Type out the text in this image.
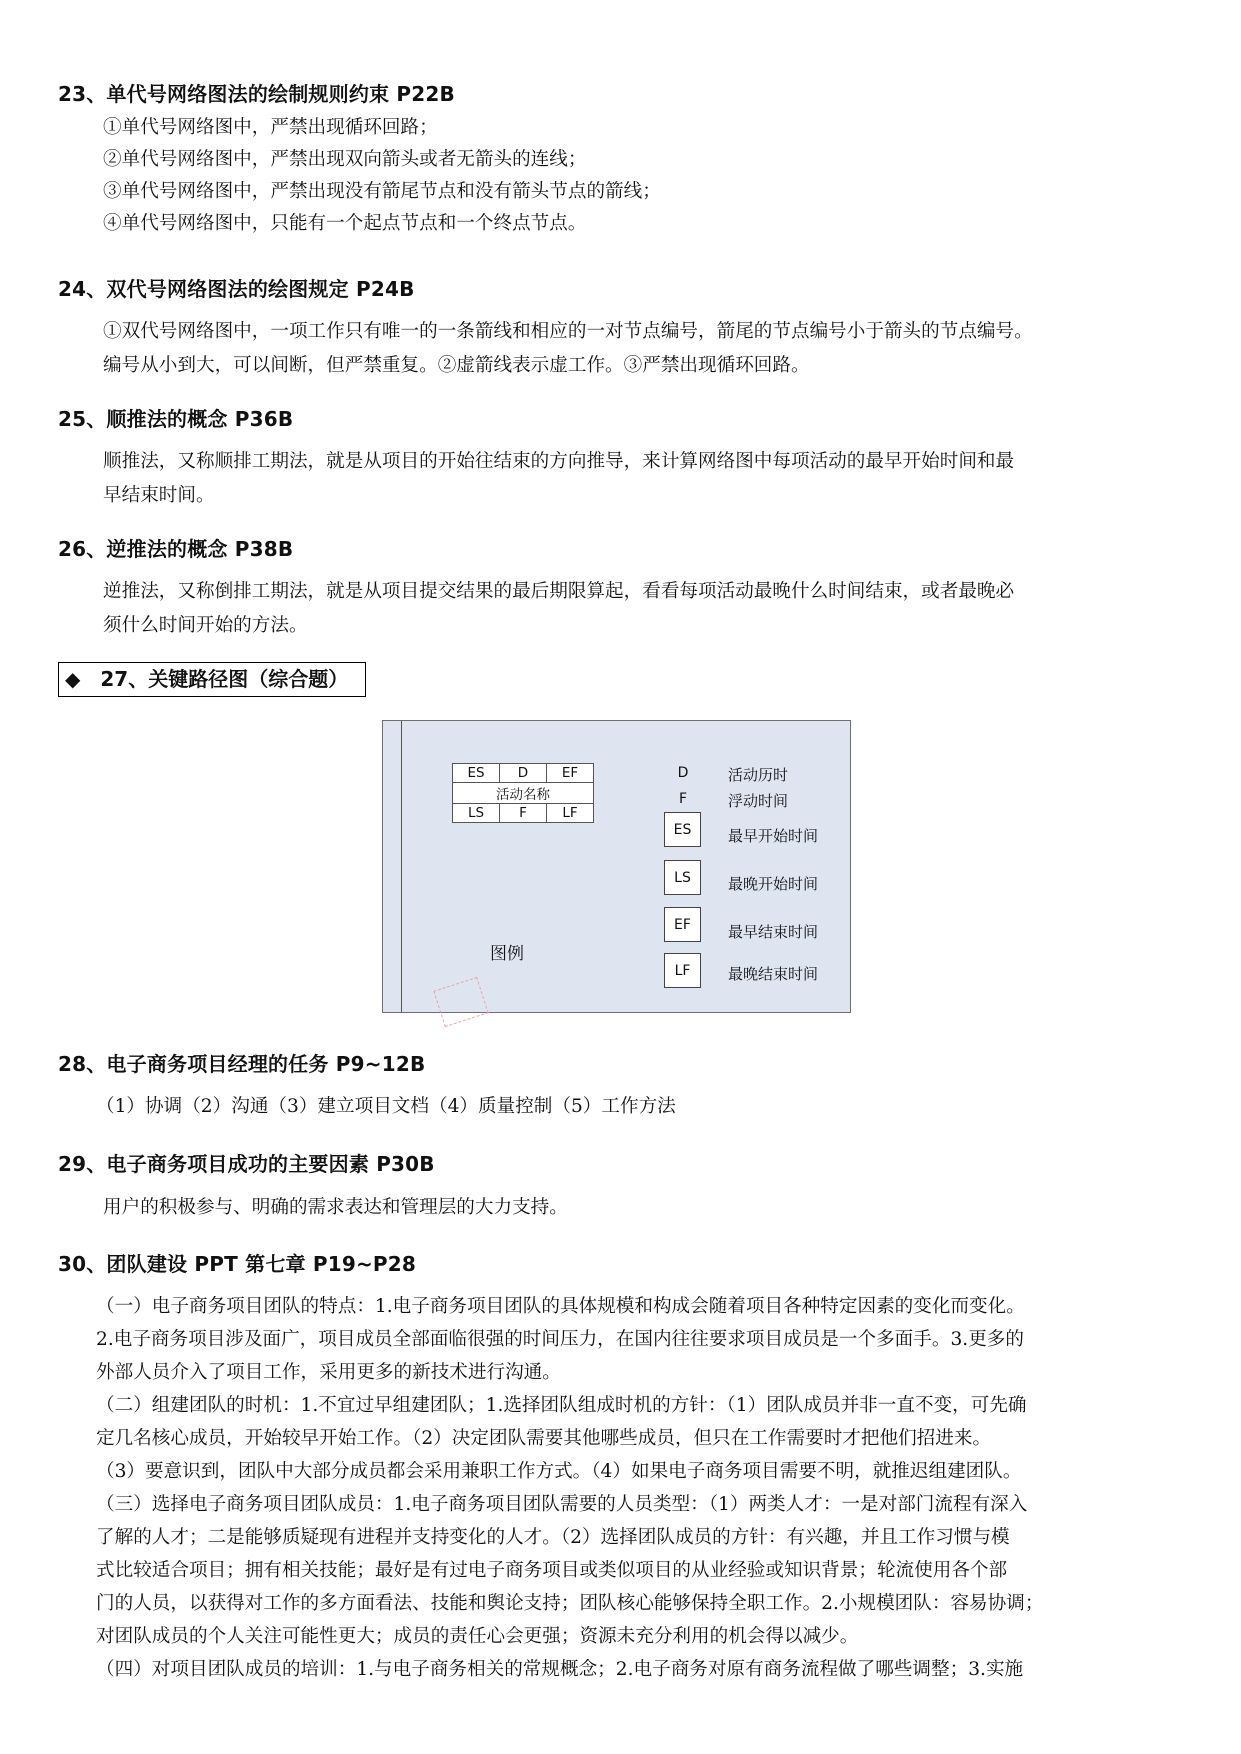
23、单代号网络图法的绘制规则约束 P22B
①单代号网络图中，严禁出现循环回路；
②单代号网络图中，严禁出现双向箭头或者无箭头的连线；
③单代号网络图中，严禁出现没有箭尾节点和没有箭头节点的箭线；
④单代号网络图中，只能有一个起点节点和一个终点节点。
24、双代号网络图法的绘图规定 P24B
①双代号网络图中，一项工作只有唯一的一条箭线和相应的一对节点编号，箭尾的节点编号小于箭头的节点编号。
编号从小到大，可以间断，但严禁重复。②虚箭线表示虚工作。③严禁出现循环回路。
25、顺推法的概念 P36B
顺推法，又称顺排工期法，就是从项目的开始往结束的方向推导，来计算网络图中每项活动的最早开始时间和最
早结束时间。
26、逆推法的概念 P38B
逆推法，又称倒排工期法，就是从项目提交结果的最后期限算起，看看每项活动最晚什么时间结束，或者最晚必
须什么时间开始的方法。
◆　27、关键路径图（综合题）
ES	D	EF
活动名称		
LS	F	LF
D	活动历时
F	浮动时间
ES	最早开始时间
LS	最晚开始时间
EF	最早结束时间
LF	最晚结束时间
图例
28、电子商务项目经理的任务 P9~12B
（1）协调（2）沟通（3）建立项目文档（4）质量控制（5）工作方法
29、电子商务项目成功的主要因素 P30B
用户的积极参与、明确的需求表达和管理层的大力支持。
30、团队建设 PPT 第七章 P19~P28
（一）电子商务项目团队的特点：1.电子商务项目团队的具体规模和构成会随着项目各种特定因素的变化而变化。
2.电子商务项目涉及面广，项目成员全部面临很强的时间压力，在国内往往要求项目成员是一个多面手。3.更多的
外部人员介入了项目工作，采用更多的新技术进行沟通。
（二）组建团队的时机：1.不宜过早组建团队；1.选择团队组成时机的方针：（1）团队成员并非一直不变，可先确
定几名核心成员，开始较早开始工作。（2）决定团队需要其他哪些成员，但只在工作需要时才把他们招进来。
（3）要意识到，团队中大部分成员都会采用兼职工作方式。（4）如果电子商务项目需要不明，就推迟组建团队。
（三）选择电子商务项目团队成员：1.电子商务项目团队需要的人员类型：（1）两类人才：一是对部门流程有深入
了解的人才；二是能够质疑现有进程并支持变化的人才。（2）选择团队成员的方针：有兴趣，并且工作习惯与模
式比较适合项目；拥有相关技能；最好是有过电子商务项目或类似项目的从业经验或知识背景；轮流使用各个部
门的人员，以获得对工作的多方面看法、技能和舆论支持；团队核心能够保持全职工作。2.小规模团队：容易协调；
对团队成员的个人关注可能性更大；成员的责任心会更强；资源未充分利用的机会得以减少。
（四）对项目团队成员的培训：1.与电子商务相关的常规概念；2.电子商务对原有商务流程做了哪些调整；3.实施
